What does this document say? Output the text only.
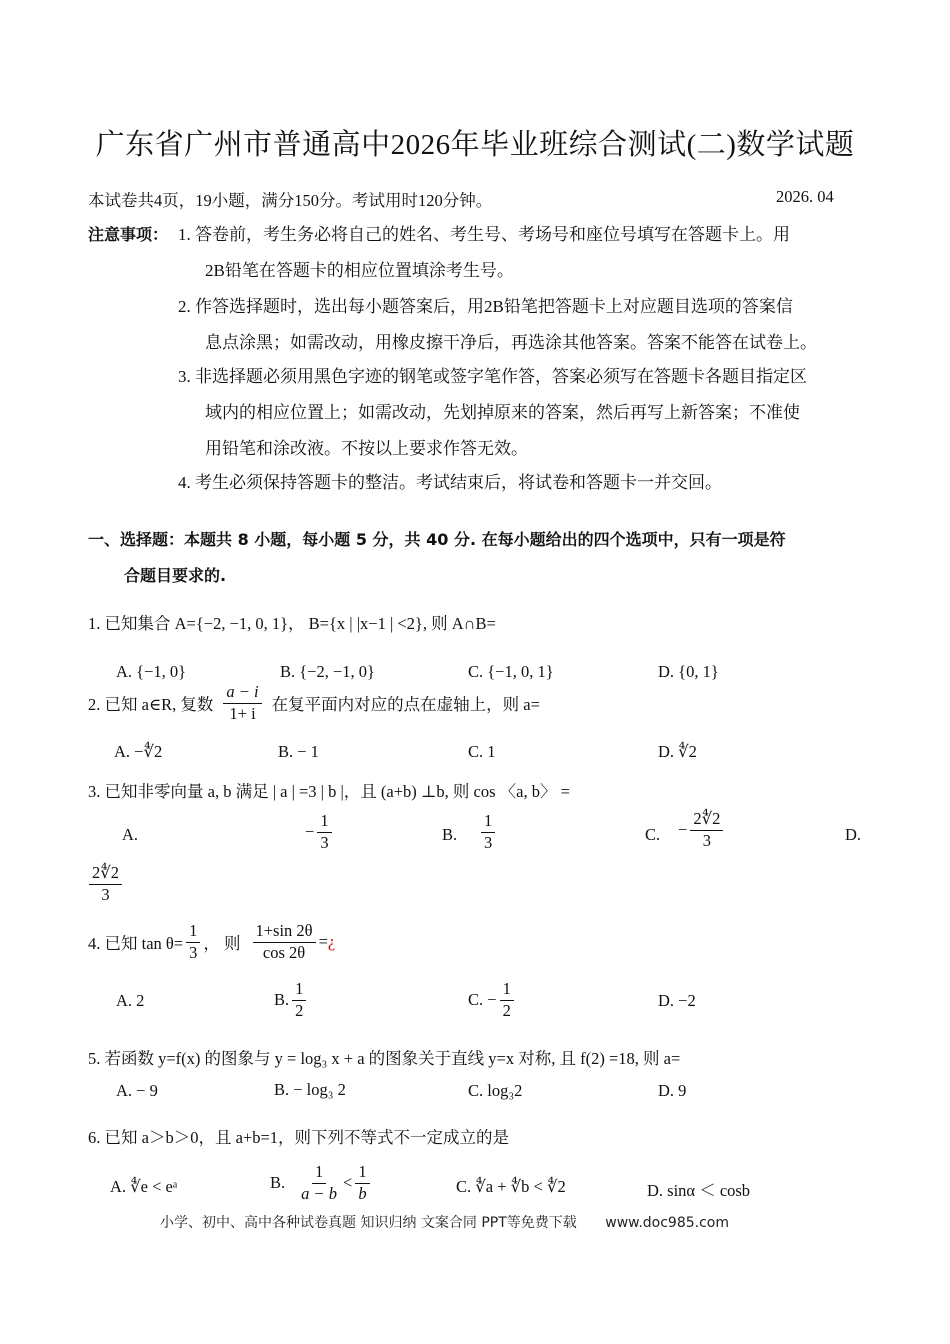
广东省广州市普通高中2026年毕业班综合测试(二)数学试题
本试卷共4页，19小题，满分150分。考试用时120分钟。	2026. 04
注意事项： 1. 答卷前，考生务必将自己的姓名、考生号、考场号和座位号填写在答题卡上。用
2B铅笔在答题卡的相应位置填涂考生号。
2. 作答选择题时，选出每小题答案后，用2B铅笔把答题卡上对应题目选项的答案信
息点涂黑；如需改动，用橡皮擦干净后，再选涂其他答案。答案不能答在试卷上。
3. 非选择题必须用黑色字迹的钢笔或签字笔作答，答案必须写在答题卡各题目指定区
域内的相应位置上；如需改动，先划掉原来的答案，然后再写上新答案；不准使
用铅笔和涂改液。不按以上要求作答无效。
4. 考生必须保持答题卡的整洁。考试结束后，将试卷和答题卡一并交回。
一、选择题：本题共 8 小题，每小题 5 分，共 40 分. 在每小题给出的四个选项中，只有一项是符
合题目要求的.
1. 已知集合 A={−2, −1, 0, 1}， B={x | |x−1 | <2}, 则 A∩B=
A. {−1, 0}	B. {−2, −1, 0}	C. {−1, 0, 1}	D. {0, 1}
2. 已知 a∈R, 复数 $\frac{a - i}{1+ i}$ 在复平面内对应的点在虚轴上，则 a=
A. −∜2	B. − 1	C. 1	D. ∜2
3. 已知非零向量 a, b 满足 | a | =3 | b |，且 (a+b) ⊥b, 则 cos 〈a, b〉 =
A.	− $\frac{1}{3}$	B. $\frac{1}{3}$	C. − $\frac{2∜2}{3}$	D.
$\frac{2∜2}{3}$
4. 已知 $\tan \theta= \frac{1}{3}$ ， 则 $\frac{1+\sin 2\theta}{\cos 2\theta}$ = ¿
A. 2	B. $\frac{1}{2}$	C. − $\frac{1}{2}$	D. −2
5. 若函数 y=f(x) 的图象与 y = log₃ x + a 的图象关于直线 y=x 对称, 且 f(2) =18, 则 a=
A. − 9	B. − log₃ 2	C. log₃2	D. 9
6. 已知 a＞b＞0，且 a+b=1，则下列不等式不一定成立的是
A. ∜e < eᵃ	B. $\frac{1}{a - b} < \frac{1}{b}$	C. ∜a + ∜b < ∜2	D. sinα ＜ cosb
小学、初中、高中各种试卷真题 知识归纳 文案合同 PPT等免费下载 www.doc985.com
